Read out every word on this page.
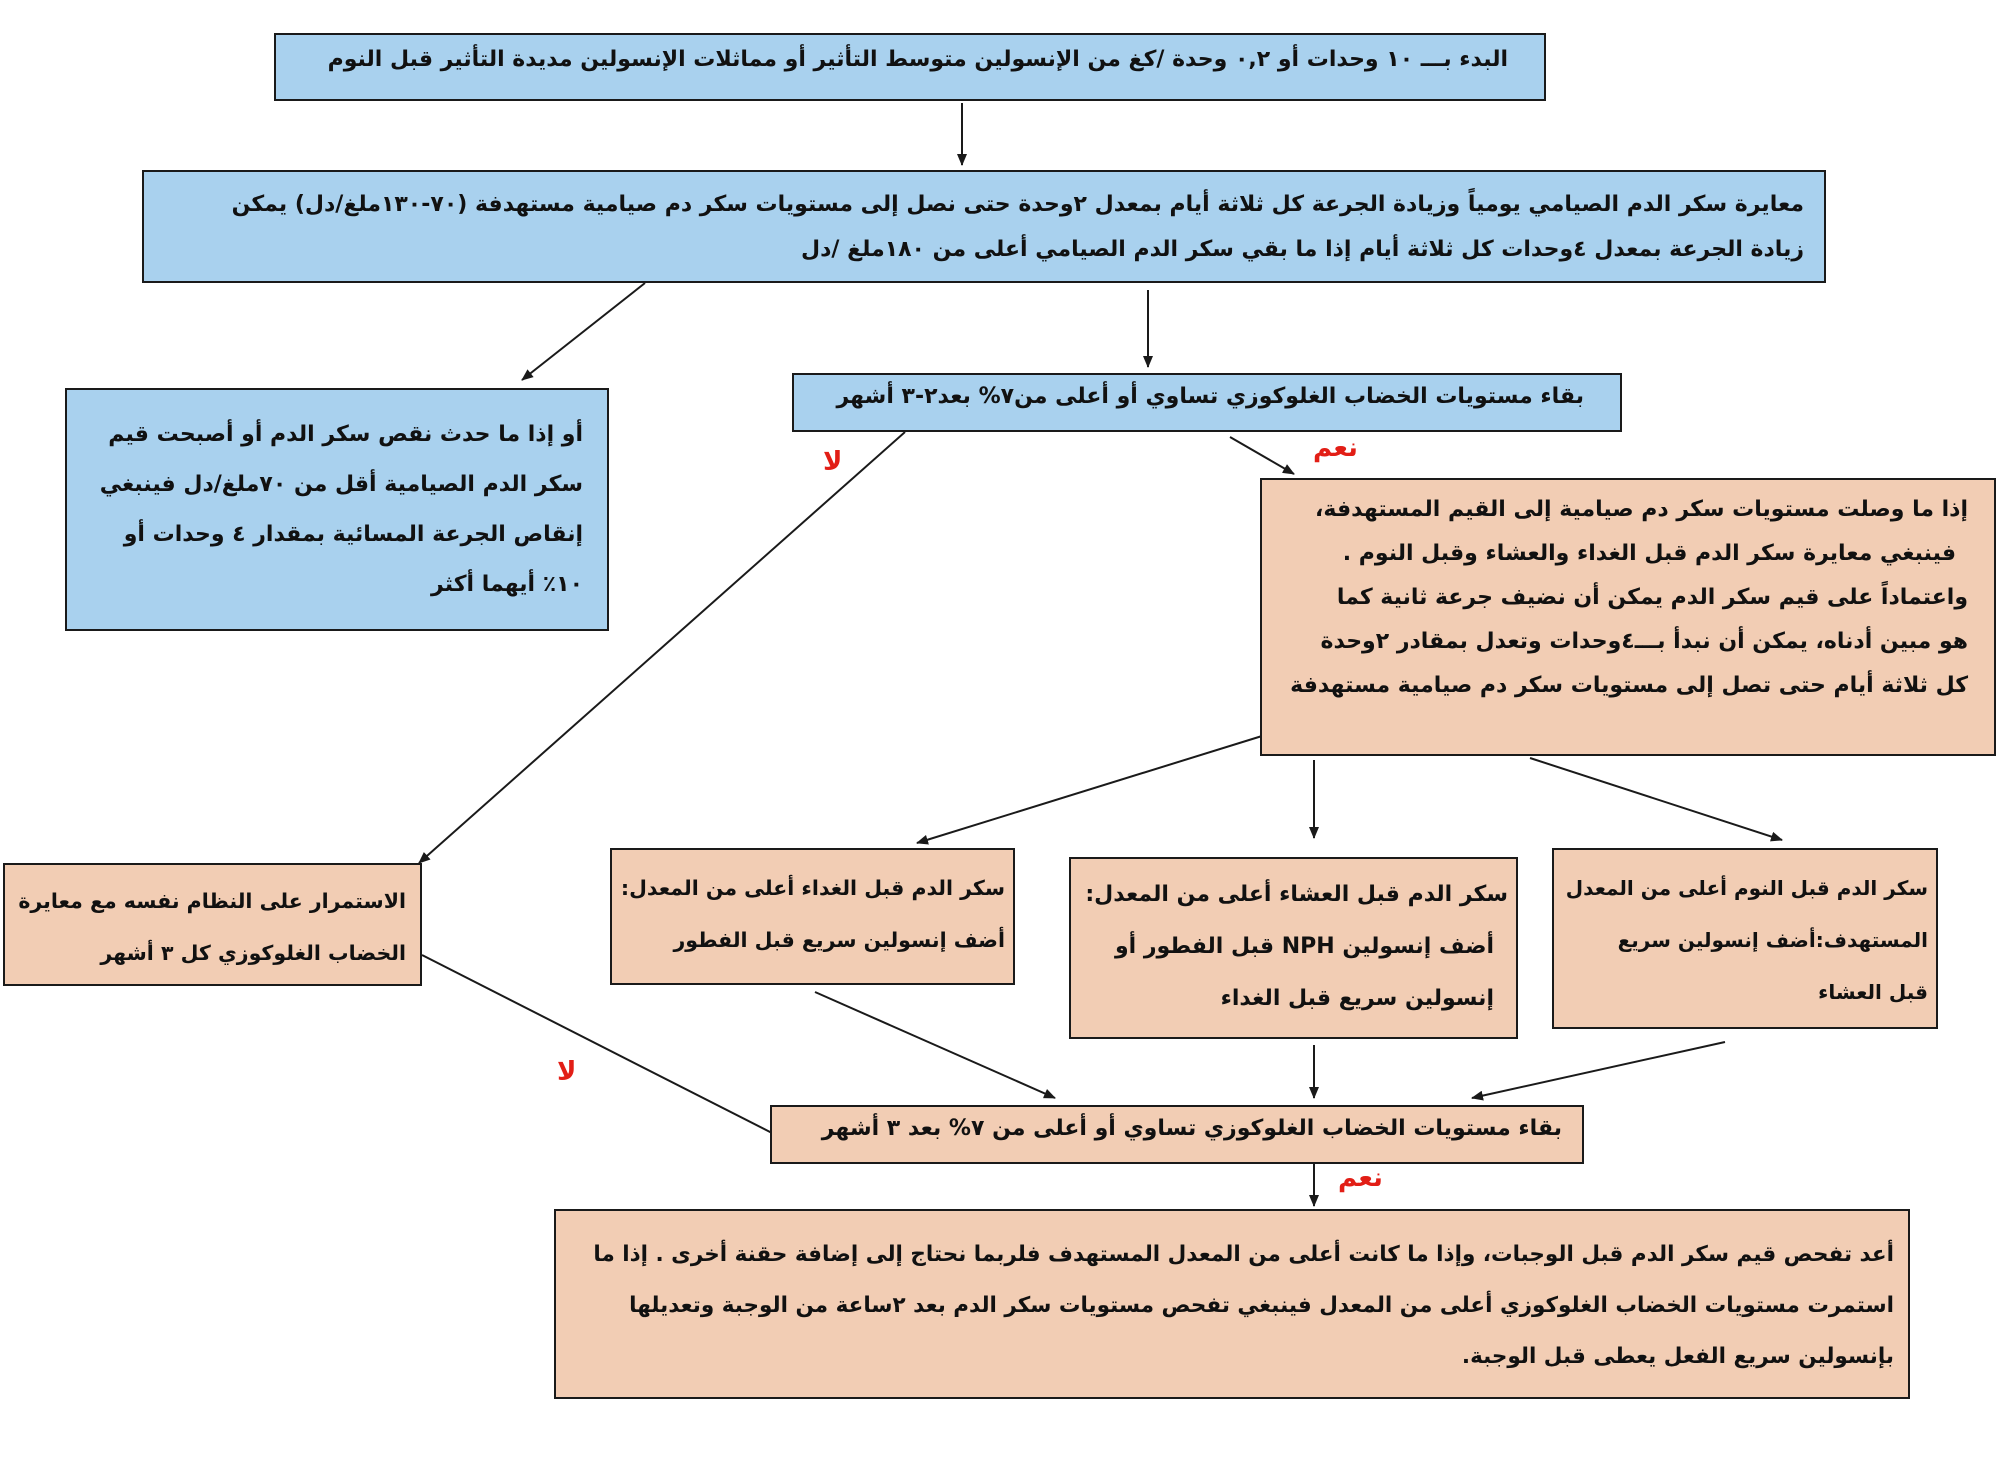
البدء بـــ ١٠ وحدات أو ٠,٢ وحدة /كغ من الإنسولين متوسط التأثير أو مماثلات الإنسولين مديدة التأثير قبل النوم
معايرة سكر الدم الصيامي يومياً وزيادة الجرعة كل ثلاثة أيام بمعدل ٢وحدة حتى نصل إلى مستويات سكر دم صيامية مستهدفة (٧٠-١٣٠ملغ/دل) يمكن
زيادة الجرعة بمعدل ٤وحدات كل ثلاثة أيام إذا ما بقي سكر الدم الصيامي أعلى من ١٨٠ملغ /دل
أو إذا ما حدث نقص سكر الدم أو أصبحت قيم
سكر الدم الصيامية أقل من ٧٠ملغ/دل فينبغي
إنقاص الجرعة المسائية بمقدار ٤ وحدات أو
١٠٪ أيهما أكثر
بقاء مستويات الخضاب الغلوكوزي تساوي أو أعلى من٧% بعد٢-٣ أشهر
نعم
لا
إذا ما وصلت مستويات سكر دم صيامية إلى القيم المستهدفة،
فينبغي معايرة سكر الدم قبل الغداء والعشاء وقبل النوم .
واعتماداً على قيم سكر الدم يمكن أن نضيف جرعة ثانية كما
هو مبين أدناه، يمكن أن نبدأ بـــ٤وحدات وتعدل بمقادر ٢وحدة
كل ثلاثة أيام حتى تصل إلى مستويات سكر دم صيامية مستهدفة
الاستمرار على النظام نفسه مع معايرة
الخضاب الغلوكوزي كل ٣ أشهر
سكر الدم قبل الغداء أعلى من المعدل:
أضف إنسولين سريع قبل الفطور
سكر الدم قبل العشاء أعلى من المعدل:
أضف إنسولين NPH قبل الفطور أو
إنسولين سريع قبل الغداء
سكر الدم قبل النوم أعلى من المعدل
المستهدف:أضف إنسولين سريع
قبل العشاء
بقاء مستويات الخضاب الغلوكوزي تساوي أو أعلى من ٧% بعد ٣ أشهر
لا
نعم
أعد تفحص قيم سكر الدم قبل الوجبات، وإذا ما كانت أعلى من المعدل المستهدف فلربما نحتاج إلى إضافة حقنة أخرى . إذا ما
استمرت مستويات الخضاب الغلوكوزي أعلى من المعدل فينبغي تفحص مستويات سكر الدم بعد ٢ساعة من الوجبة وتعديلها
بإنسولين سريع الفعل يعطى قبل الوجبة.
